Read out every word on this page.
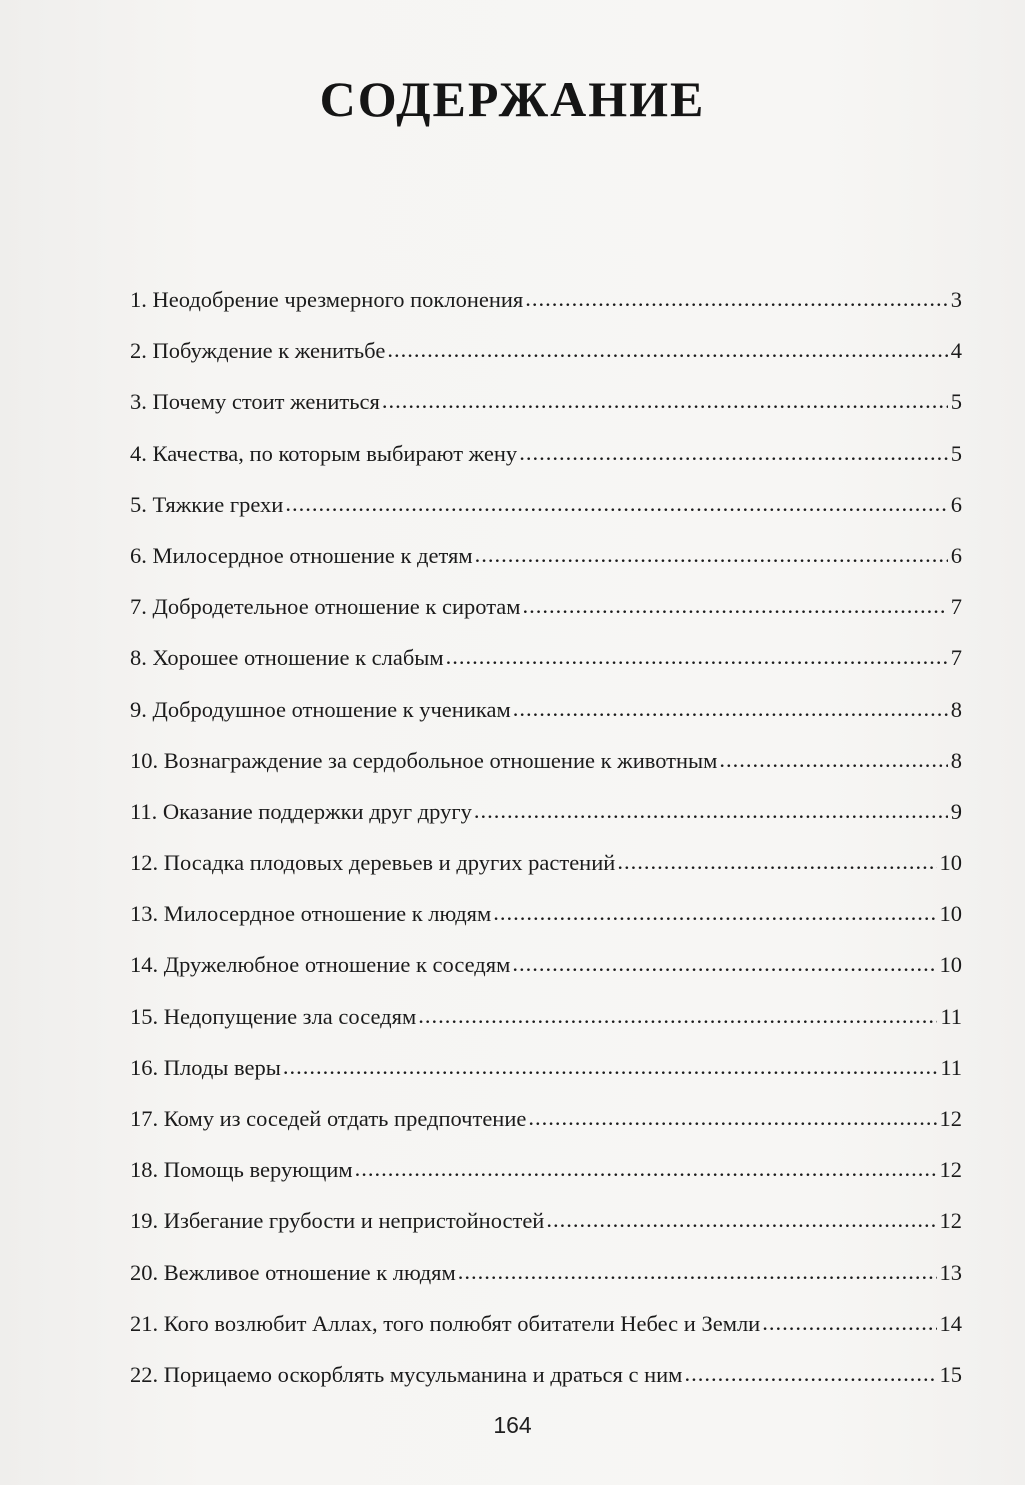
СОДЕРЖАНИЕ
1. Неодобрение чрезмерного поклонения .....	3
2. Побуждение к женитьбе .....	4
3. Почему стоит жениться .....	5
4. Качества, по которым выбирают жену .....	5
5. Тяжкие грехи .....	6
6. Милосердное отношение к детям .....	6
7. Добродетельное отношение к сиротам .....	7
8. Хорошее отношение к слабым .....	7
9. Добродушное отношение к ученикам .....	8
10. Вознаграждение за сердобольное отношение к животным .....	8
11. Оказание поддержки друг другу .....	9
12. Посадка плодовых деревьев и других растений .....	10
13. Милосердное отношение к людям .....	10
14. Дружелюбное отношение к соседям .....	10
15. Недопущение зла соседям .....	11
16. Плоды веры .....	11
17. Кому из соседей отдать предпочтение .....	12
18. Помощь верующим .....	12
19. Избегание грубости и непристойностей .....	12
20. Вежливое отношение к людям .....	13
21. Кого возлюбит Аллах, того полюбят обитатели Небес и Земли .....	14
22. Порицаемо оскорблять мусульманина и драться с ним .....	15
164
